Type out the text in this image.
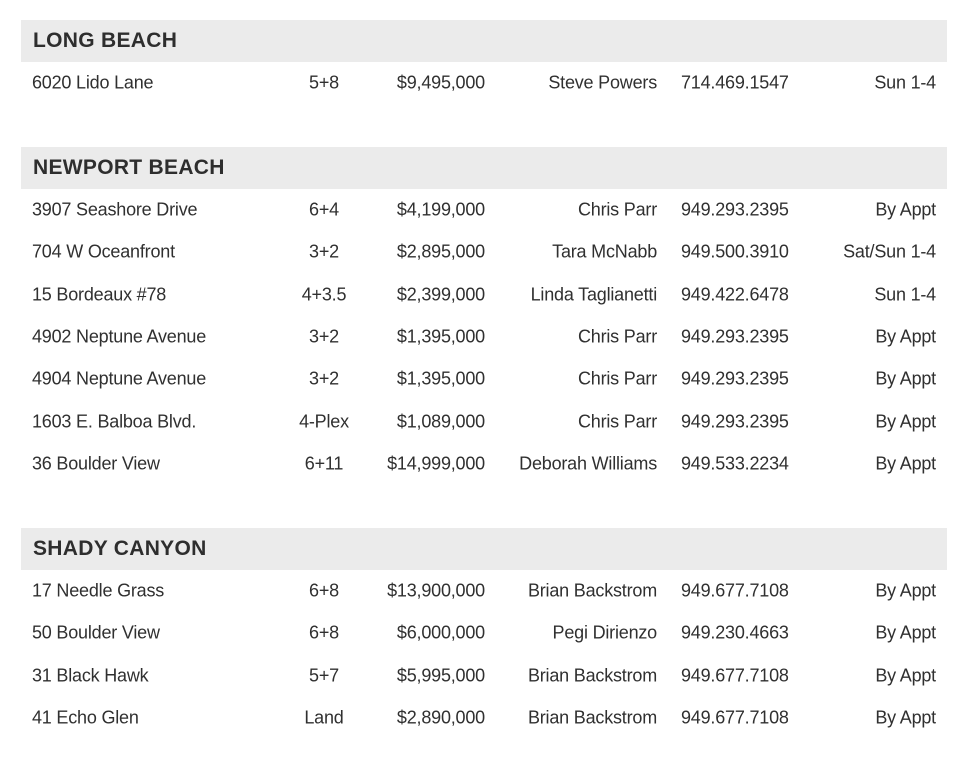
LONG BEACH
6020 Lido Lane	5+8	$9,495,000	Steve Powers 714.469.1547	Sun 1-4
NEWPORT BEACH
3907 Seashore Drive	6+4	$4,199,000	Chris Parr 949.293.2395	By Appt
704 W Oceanfront	3+2	$2,895,000	Tara McNabb 949.500.3910	Sat/Sun 1-4
15 Bordeaux #78	4+3.5	$2,399,000	Linda Taglianetti 949.422.6478	Sun 1-4
4902 Neptune Avenue	3+2	$1,395,000	Chris Parr 949.293.2395	By Appt
4904 Neptune Avenue	3+2	$1,395,000	Chris Parr 949.293.2395	By Appt
1603 E. Balboa Blvd.	4-Plex	$1,089,000	Chris Parr 949.293.2395	By Appt
36 Boulder View	6+11	$14,999,000 Deborah Williams 949.533.2234	By Appt
SHADY CANYON
17 Needle Grass	6+8	$13,900,000 Brian Backstrom 949.677.7108	By Appt
50 Boulder View	6+8	$6,000,000	Pegi Dirienzo 949.230.4663	By Appt
31 Black Hawk	5+7	$5,995,000 Brian Backstrom 949.677.7108	By Appt
41 Echo Glen	Land	$2,890,000 Brian Backstrom 949.677.7108	By Appt
